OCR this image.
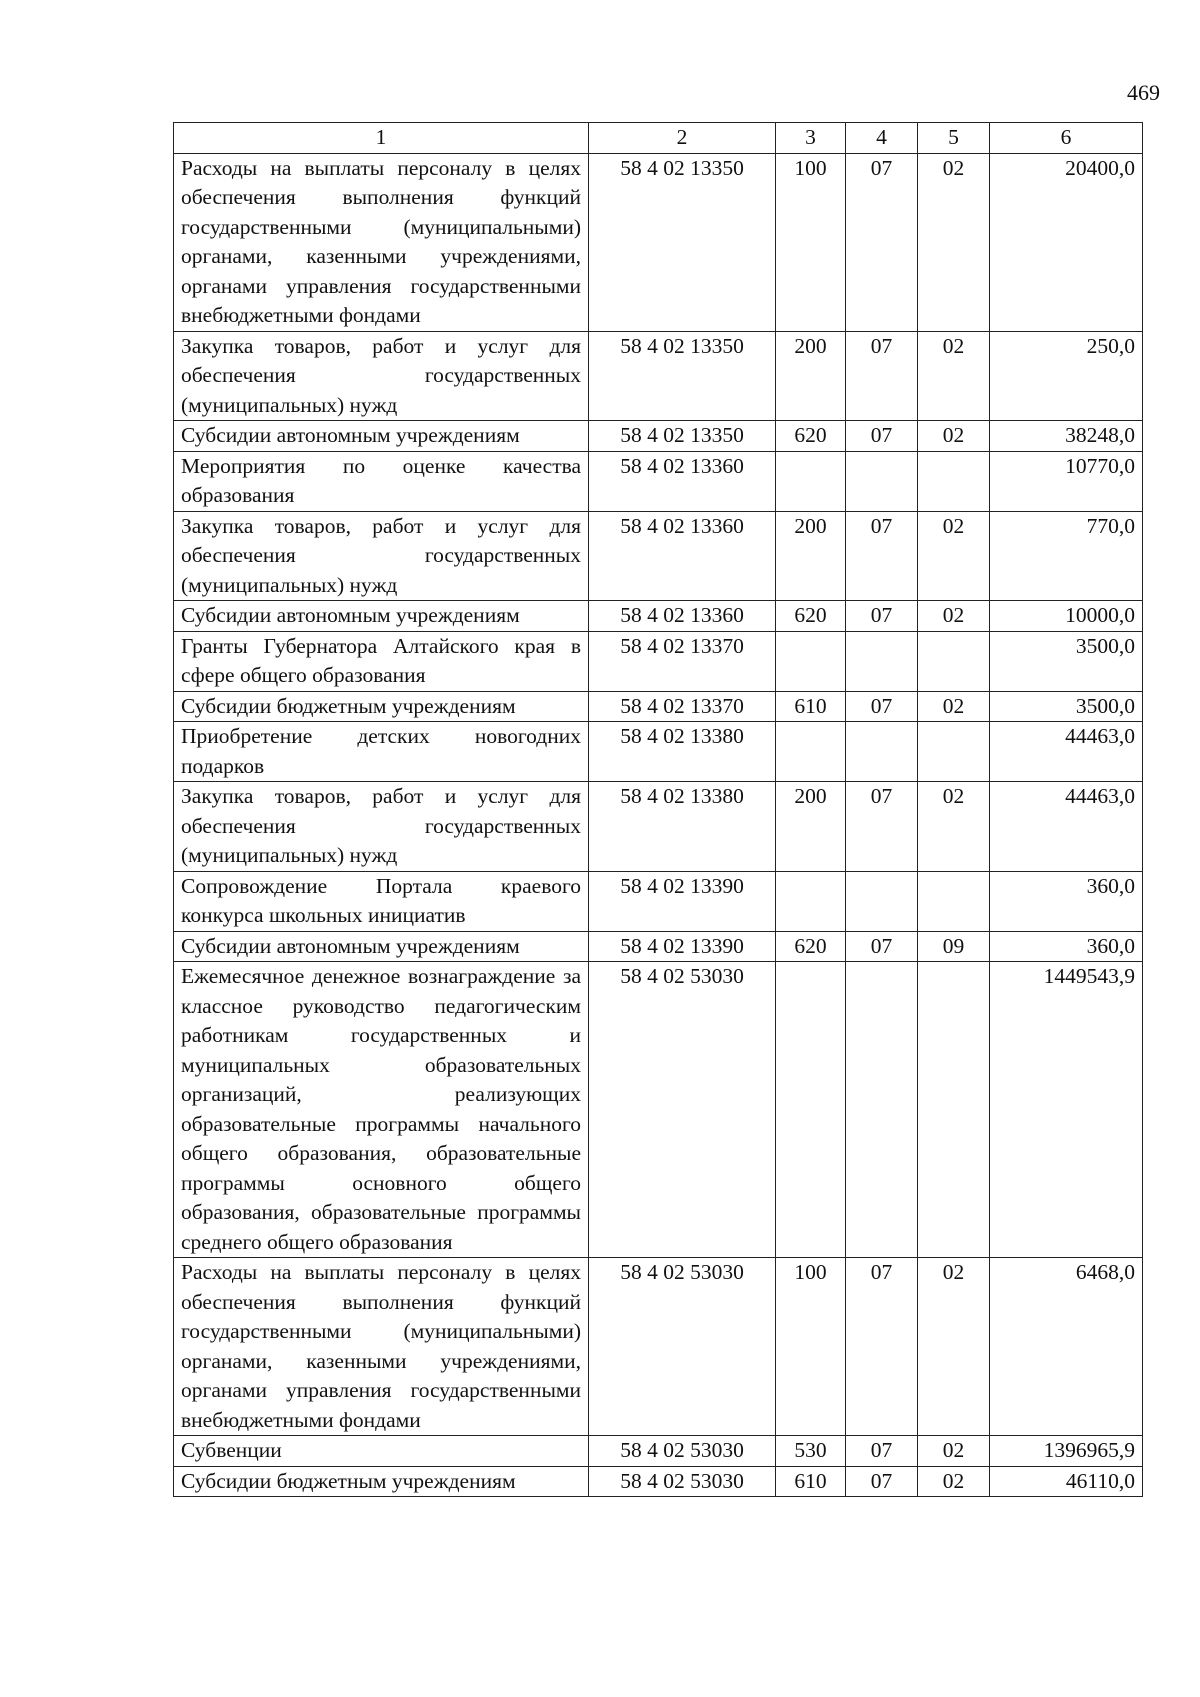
469
1	2	3	4	5	6
Расходы на выплаты персоналу в целях обеспечения выполнения функций государственными (муниципальными) органами, казенными учреждениями, органами управления государственными внебюджетными фондами	58 4 02 13350	100	07	02	20400,0
Закупка товаров, работ и услуг для обеспечения государственных (муниципальных) нужд	58 4 02 13350	200	07	02	250,0
Субсидии автономным учреждениям	58 4 02 13350	620	07	02	38248,0
Мероприятия по оценке качества образования	58 4 02 13360				10770,0
Закупка товаров, работ и услуг для обеспечения государственных (муниципальных) нужд	58 4 02 13360	200	07	02	770,0
Субсидии автономным учреждениям	58 4 02 13360	620	07	02	10000,0
Гранты Губернатора Алтайского края в сфере общего образования	58 4 02 13370				3500,0
Субсидии бюджетным учреждениям	58 4 02 13370	610	07	02	3500,0
Приобретение детских новогодних подарков	58 4 02 13380				44463,0
Закупка товаров, работ и услуг для обеспечения государственных (муниципальных) нужд	58 4 02 13380	200	07	02	44463,0
Сопровождение Портала краевого конкурса школьных инициатив	58 4 02 13390				360,0
Субсидии автономным учреждениям	58 4 02 13390	620	07	09	360,0
Ежемесячное денежное вознаграждение за классное руководство педагогическим работникам государственных и муниципальных образовательных организаций, реализующих образовательные программы начального общего образования, образовательные программы основного общего образования, образовательные программы среднего общего образования	58 4 02 53030				1449543,9
Расходы на выплаты персоналу в целях обеспечения выполнения функций государственными (муниципальными) органами, казенными учреждениями, органами управления государственными внебюджетными фондами	58 4 02 53030	100	07	02	6468,0
Субвенции	58 4 02 53030	530	07	02	1396965,9
Субсидии бюджетным учреждениям	58 4 02 53030	610	07	02	46110,0
